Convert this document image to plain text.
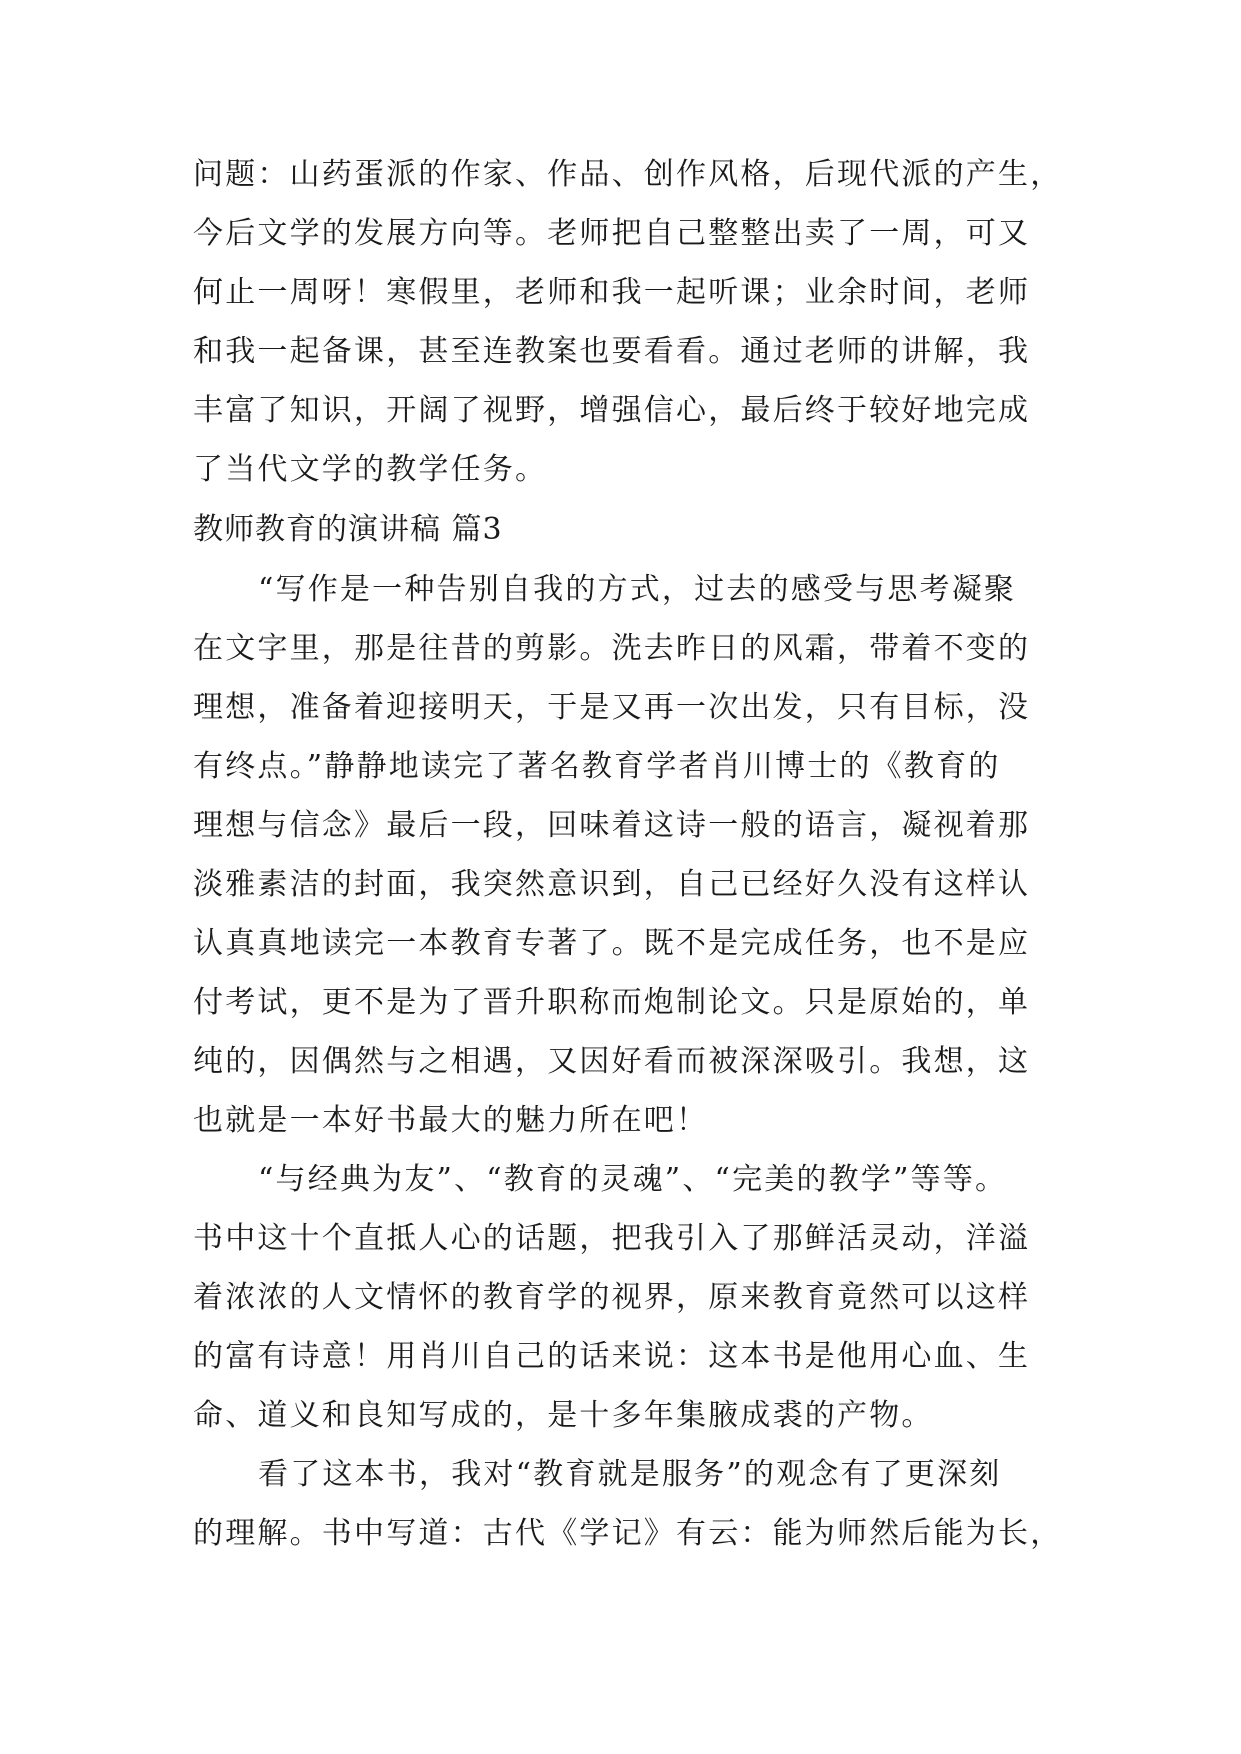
问题：山药蛋派的作家、作品、创作风格，后现代派的产生，
今后文学的发展方向等。老师把自己整整出卖了一周，可又
何止一周呀！寒假里，老师和我一起听课；业余时间，老师
和我一起备课，甚至连教案也要看看。通过老师的讲解，我
丰富了知识，开阔了视野，增强信心，最后终于较好地完成
了当代文学的教学任务。
教师教育的演讲稿 篇3
“写作是一种告别自我的方式，过去的感受与思考凝聚
在文字里，那是往昔的剪影。洗去昨日的风霜，带着不变的
理想，准备着迎接明天，于是又再一次出发，只有目标，没
有终点。”静静地读完了著名教育学者肖川博士的《教育的
理想与信念》最后一段，回味着这诗一般的语言，凝视着那
淡雅素洁的封面，我突然意识到，自己已经好久没有这样认
认真真地读完一本教育专著了。既不是完成任务，也不是应
付考试，更不是为了晋升职称而炮制论文。只是原始的，单
纯的，因偶然与之相遇，又因好看而被深深吸引。我想，这
也就是一本好书最大的魅力所在吧！
“与经典为友”、“教育的灵魂”、“完美的教学”等等。
书中这十个直抵人心的话题，把我引入了那鲜活灵动，洋溢
着浓浓的人文情怀的教育学的视界，原来教育竟然可以这样
的富有诗意！用肖川自己的话来说：这本书是他用心血、生
命、道义和良知写成的，是十多年集腋成裘的产物。
看了这本书，我对“教育就是服务”的观念有了更深刻
的理解。书中写道：古代《学记》有云：能为师然后能为长，
